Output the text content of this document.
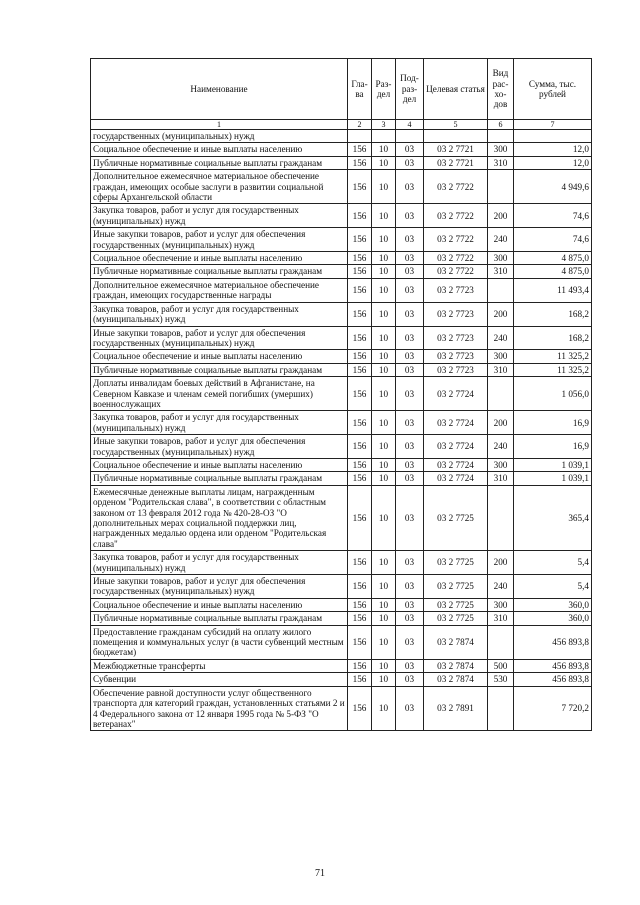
Наименование	Гла-ва	Раз-дел	Под-раз-дел	Целевая статья	Вид рас-хо-дов	Сумма, тыс. рублей
1	2	3	4	5	6	7
государственных (муниципальных) нужд						
Социальное обеспечение и иные выплаты населению	156	10	03	03 2 7721	300	12,0
Публичные нормативные социальные выплаты гражданам	156	10	03	03 2 7721	310	12,0
Дополнительное ежемесячное материальное обеспечение граждан, имеющих особые заслуги в развитии социальной сферы Архангельской области	156	10	03	03 2 7722		4 949,6
Закупка товаров, работ и услуг для государственных (муниципальных) нужд	156	10	03	03 2 7722	200	74,6
Иные закупки товаров, работ и услуг для обеспечения государственных (муниципальных) нужд	156	10	03	03 2 7722	240	74,6
Социальное обеспечение и иные выплаты населению	156	10	03	03 2 7722	300	4 875,0
Публичные нормативные социальные выплаты гражданам	156	10	03	03 2 7722	310	4 875,0
Дополнительное ежемесячное материальное обеспечение граждан, имеющих государственные награды	156	10	03	03 2 7723		11 493,4
Закупка товаров, работ и услуг для государственных (муниципальных) нужд	156	10	03	03 2 7723	200	168,2
Иные закупки товаров, работ и услуг для обеспечения государственных (муниципальных) нужд	156	10	03	03 2 7723	240	168,2
Социальное обеспечение и иные выплаты населению	156	10	03	03 2 7723	300	11 325,2
Публичные нормативные социальные выплаты гражданам	156	10	03	03 2 7723	310	11 325,2
Доплаты инвалидам боевых действий в Афганистане, на Северном Кавказе и членам семей погибших (умерших) военнослужащих	156	10	03	03 2 7724		1 056,0
Закупка товаров, работ и услуг для государственных (муниципальных) нужд	156	10	03	03 2 7724	200	16,9
Иные закупки товаров, работ и услуг для обеспечения государственных (муниципальных) нужд	156	10	03	03 2 7724	240	16,9
Социальное обеспечение и иные выплаты населению	156	10	03	03 2 7724	300	1 039,1
Публичные нормативные социальные выплаты гражданам	156	10	03	03 2 7724	310	1 039,1
Ежемесячные денежные выплаты лицам, награжденным орденом "Родительская слава", в соответствии с областным законом от 13 февраля 2012 года № 420-28-ОЗ "О дополнительных мерах социальной поддержки лиц, награжденных медалью ордена или орденом "Родительская слава"	156	10	03	03 2 7725		365,4
Закупка товаров, работ и услуг для государственных (муниципальных) нужд	156	10	03	03 2 7725	200	5,4
Иные закупки товаров, работ и услуг для обеспечения государственных (муниципальных) нужд	156	10	03	03 2 7725	240	5,4
Социальное обеспечение и иные выплаты населению	156	10	03	03 2 7725	300	360,0
Публичные нормативные социальные выплаты гражданам	156	10	03	03 2 7725	310	360,0
Предоставление гражданам субсидий на оплату жилого помещения и коммунальных услуг (в части субвенций местным бюджетам)	156	10	03	03 2 7874		456 893,8
Межбюджетные трансферты	156	10	03	03 2 7874	500	456 893,8
Субвенции	156	10	03	03 2 7874	530	456 893,8
Обеспечение равной доступности услуг общественного транспорта для категорий граждан, установленных статьями 2 и 4 Федерального закона от 12 января 1995 года № 5-ФЗ "О ветеранах"	156	10	03	03 2 7891		7 720,2
71
